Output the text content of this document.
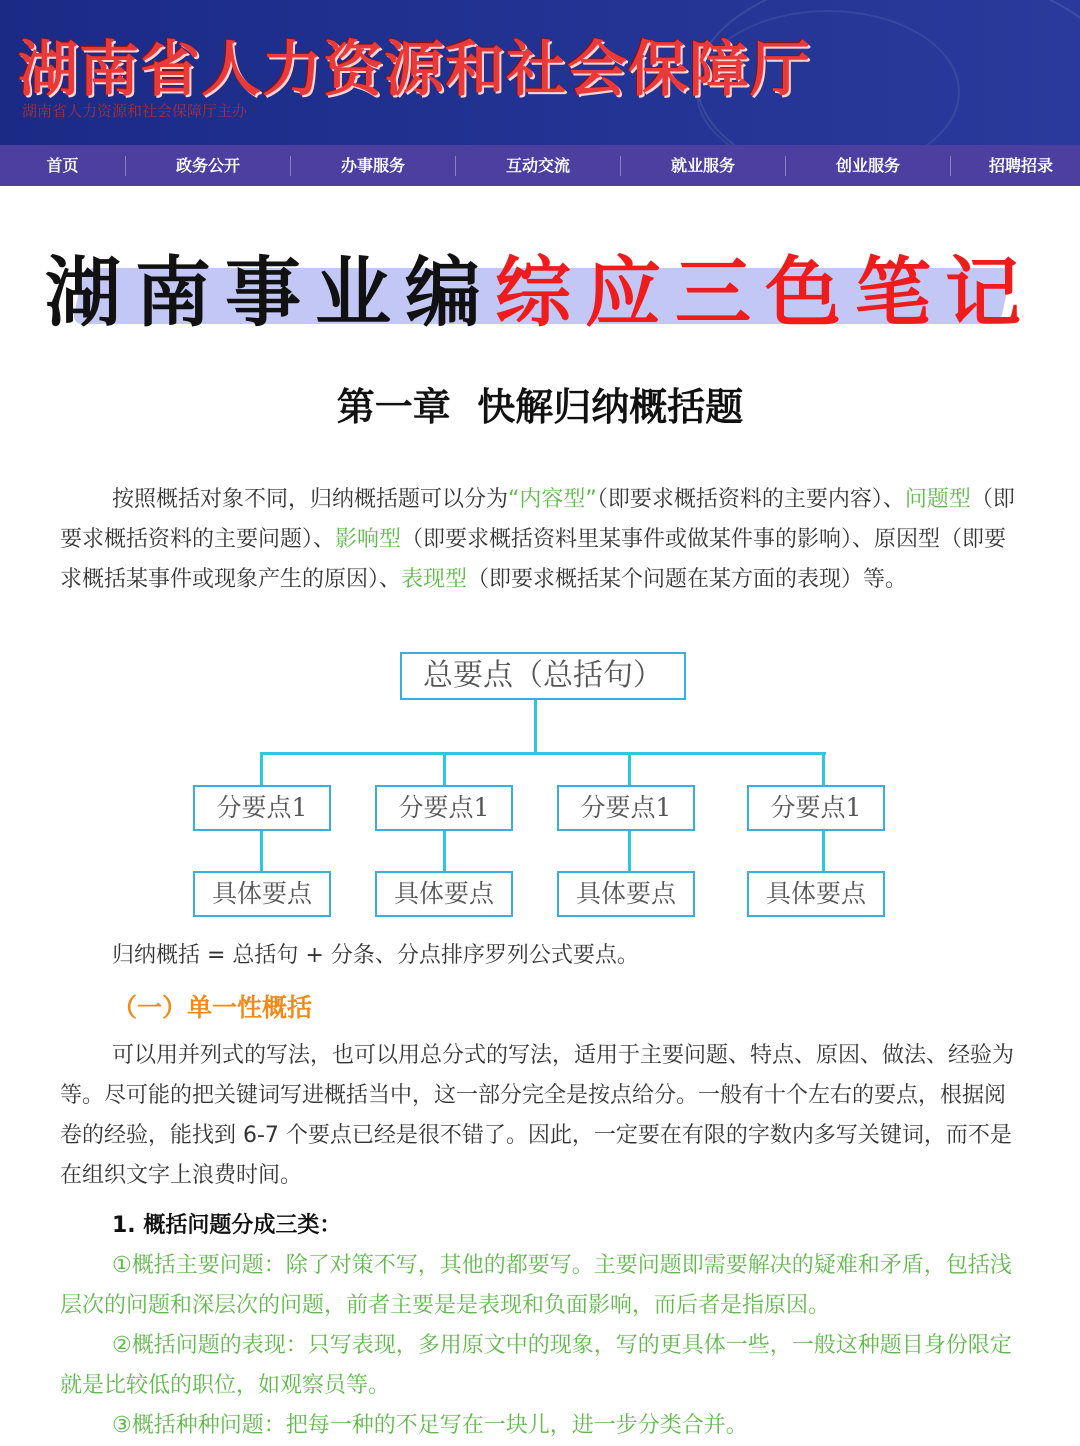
湖南省人力资源和社会保障厅
湖南省人力资源和社会保障厅主办
首页	政务公开	办事服务	互动交流	就业服务	创业服务	招聘招录
湖南事业编综应三色笔记
第一章  快解归纳概括题
按照概括对象不同，归纳概括题可以分为“内容型”（即要求概括资料的主要内容）、问题型（即要求概括资料的主要问题）、影响型（即要求概括资料里某事件或做某件事的影响）、原因型（即要求概括某事件或现象产生的原因）、表现型（即要求概括某个问题在某方面的表现）等。
总要点（总括句）
分要点1	分要点1	分要点1	分要点1
具体要点	具体要点	具体要点	具体要点
归纳概括 = 总括句 + 分条、分点排序罗列公式要点。
（一）单一性概括
可以用并列式的写法，也可以用总分式的写法，适用于主要问题、特点、原因、做法、经验为等。尽可能的把关键词写进概括当中，这一部分完全是按点给分。一般有十个左右的要点，根据阅卷的经验，能找到 6-7 个要点已经是很不错了。因此，一定要在有限的字数内多写关键词，而不是在组织文字上浪费时间。
1. 概括问题分成三类：
①概括主要问题：除了对策不写，其他的都要写。主要问题即需要解决的疑难和矛盾，包括浅层次的问题和深层次的问题，前者主要是是表现和负面影响，而后者是指原因。
②概括问题的表现：只写表现，多用原文中的现象，写的更具体一些，一般这种题目身份限定就是比较低的职位，如观察员等。
③概括种种问题：把每一种的不足写在一块儿，进一步分类合并。
